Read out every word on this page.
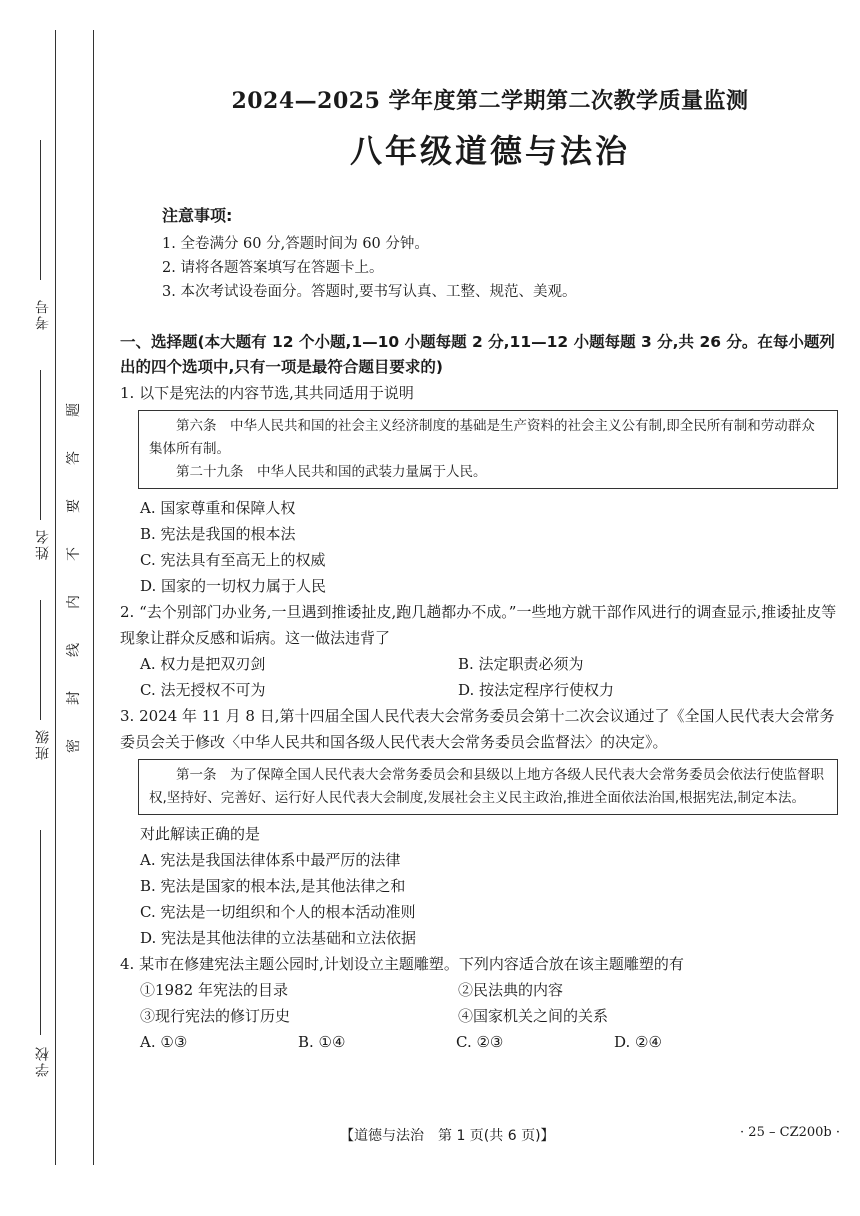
考号
姓名
班级
学校
题
答
要
不
内
线
封
密
2024—2025 学年度第二学期第二次教学质量监测
八年级道德与法治
注意事项:
1. 全卷满分 60 分,答题时间为 60 分钟。
2. 请将各题答案填写在答题卡上。
3. 本次考试设卷面分。答题时,要书写认真、工整、规范、美观。
一、选择题(本大题有 12 个小题,1—10 小题每题 2 分,11—12 小题每题 3 分,共 26 分。在每小题列出的四个选项中,只有一项是最符合题目要求的)
1. 以下是宪法的内容节选,其共同适用于说明

第六条　中华人民共和国的社会主义经济制度的基础是生产资料的社会主义公有制,即全民所有制和劳动群众集体所有制。

第二十九条　中华人民共和国的武装力量属于人民。

A. 国家尊重和保障人权
B. 宪法是我国的根本法
C. 宪法具有至高无上的权威
D. 国家的一切权力属于人民
2. “去个别部门办业务,一旦遇到推诿扯皮,跑几趟都办不成。”一些地方就干部作风进行的调查显示,推诿扯皮等现象让群众反感和诟病。这一做法违背了
A. 权力是把双刃剑	B. 法定职责必须为
C. 法无授权不可为	D. 按法定程序行使权力
3. 2024 年 11 月 8 日,第十四届全国人民代表大会常务委员会第十二次会议通过了《全国人民代表大会常务委员会关于修改〈中华人民共和国各级人民代表大会常务委员会监督法〉的决定》。

第一条　为了保障全国人民代表大会常务委员会和县级以上地方各级人民代表大会常务委员会依法行使监督职权,坚持好、完善好、运行好人民代表大会制度,发展社会主义民主政治,推进全面依法治国,根据宪法,制定本法。

对此解读正确的是
A. 宪法是我国法律体系中最严厉的法律
B. 宪法是国家的根本法,是其他法律之和
C. 宪法是一切组织和个人的根本活动准则
D. 宪法是其他法律的立法基础和立法依据
4. 某市在修建宪法主题公园时,计划设立主题雕塑。下列内容适合放在该主题雕塑的有
①1982 年宪法的目录	②民法典的内容
③现行宪法的修订历史	④国家机关之间的关系
A. ①③	B. ①④	C. ②③	D. ②④
【道德与法治　第 1 页(共 6 页)】	· 25 – CZ200b ·
